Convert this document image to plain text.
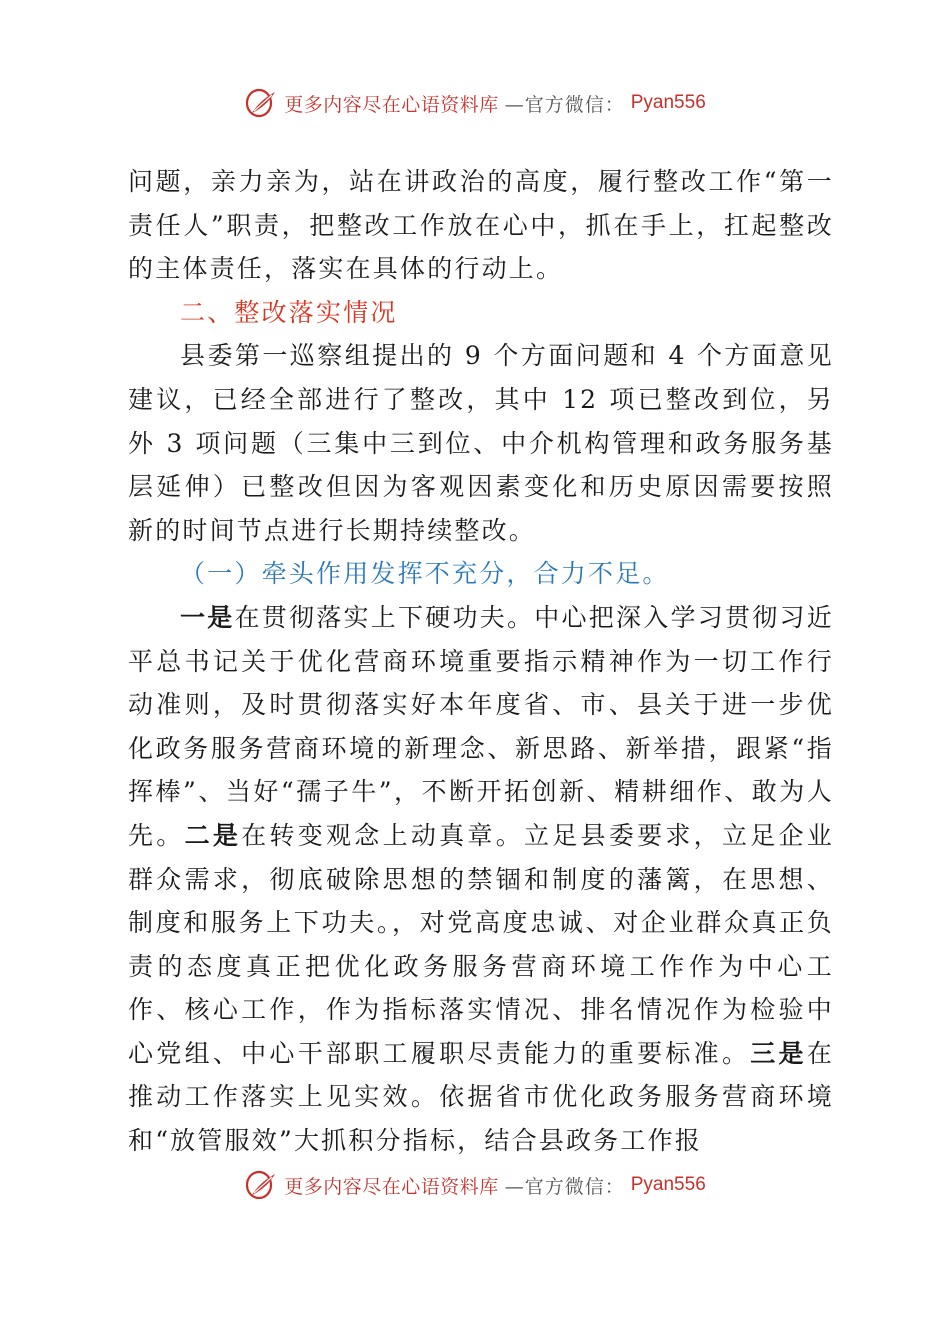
更多内容尽在心语资料库 —官方微信： Pyan556

问题，亲力亲为，站在讲政治的高度，履行整改工作“第一责任人”职责，把整改工作放在心中，抓在手上，扛起整改的主体责任，落实在具体的行动上。

二、整改落实情况

县委第一巡察组提出的 9 个方面问题和 4 个方面意见建议，已经全部进行了整改，其中 12 项已整改到位，另外 3 项问题（三集中三到位、中介机构管理和政务服务基层延伸）已整改但因为客观因素变化和历史原因需要按照新的时间节点进行长期持续整改。

（一）牵头作用发挥不充分，合力不足。

一是在贯彻落实上下硬功夫。中心把深入学习贯彻习近平总书记关于优化营商环境重要指示精神作为一切工作行动准则，及时贯彻落实好本年度省、市、县关于进一步优化政务服务营商环境的新理念、新思路、新举措，跟紧“指挥棒”、当好“孺子牛”，不断开拓创新、精耕细作、敢为人先。二是在转变观念上动真章。立足县委要求，立足企业群众需求，彻底破除思想的禁锢和制度的藩篱，在思想、制度和服务上下功夫。，对党高度忠诚、对企业群众真正负责的态度真正把优化政务服务营商环境工作作为中心工作、核心工作，作为指标落实情况、排名情况作为检验中心党组、中心干部职工履职尽责能力的重要标准。三是在推动工作落实上见实效。依据省市优化政务服务营商环境和“放管服效”大抓积分指标，结合县政务工作报

更多内容尽在心语资料库 —官方微信： Pyan556
